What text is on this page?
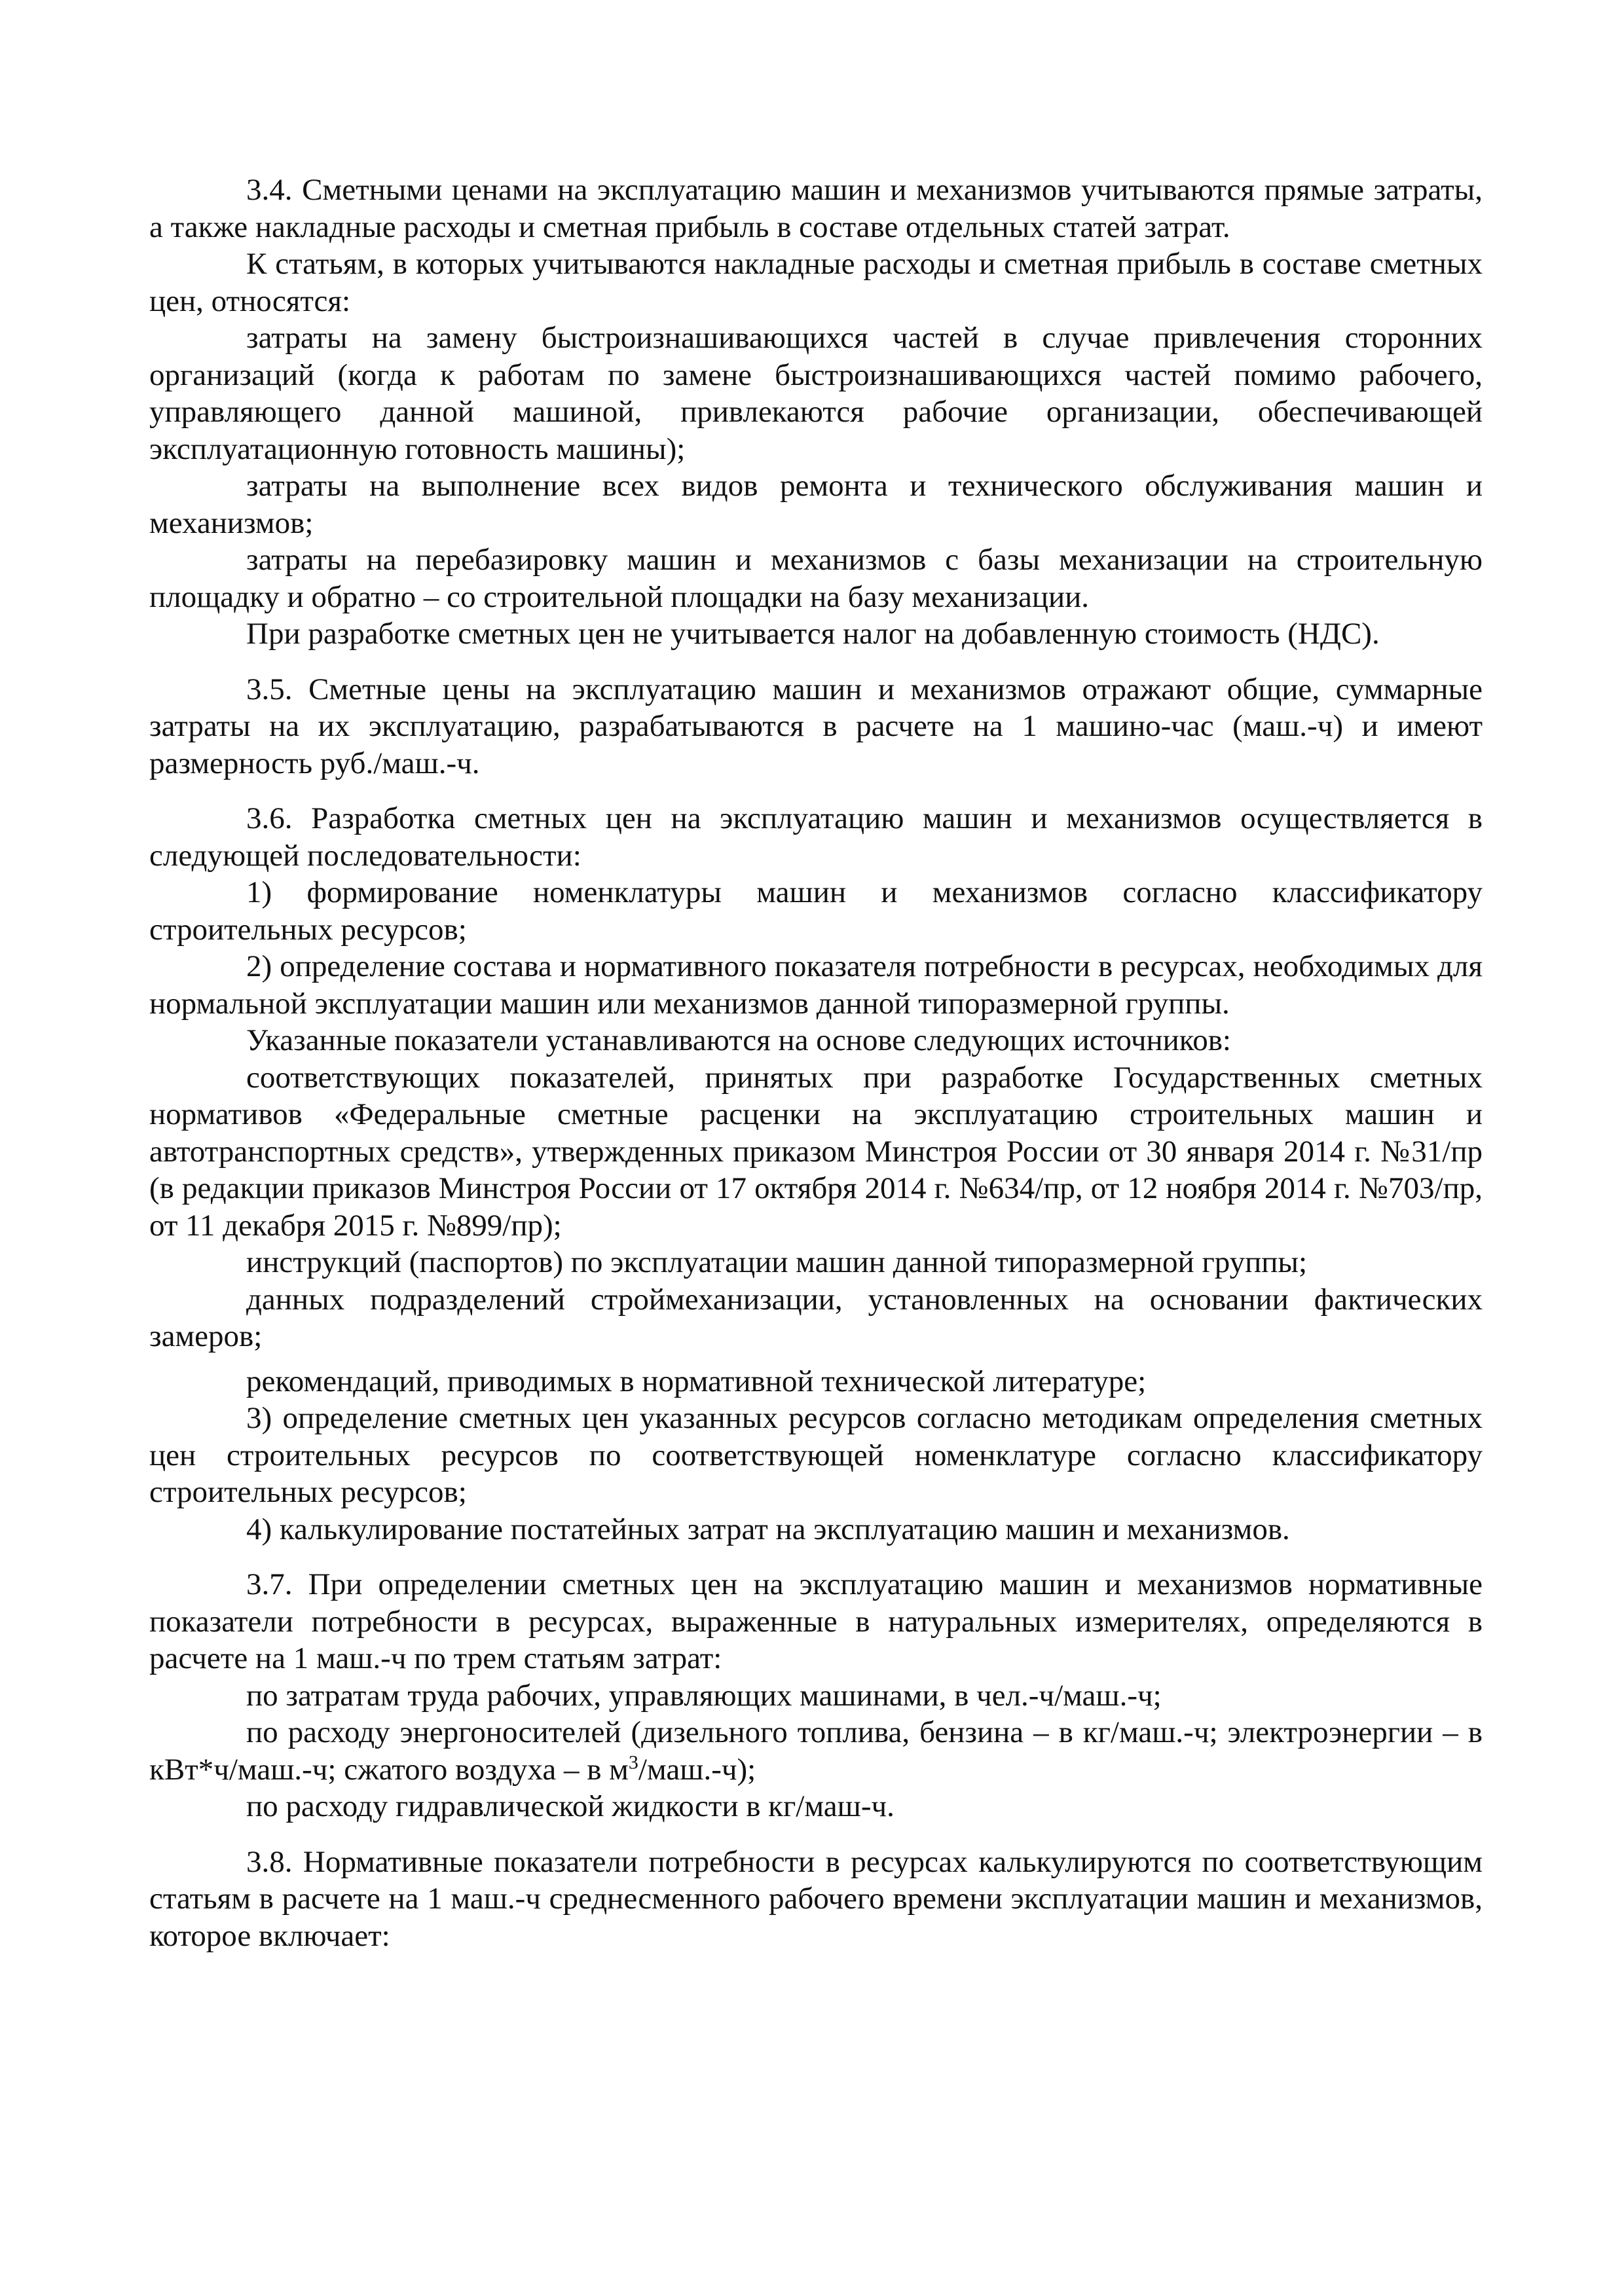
3.4. Сметными ценами на эксплуатацию машин и механизмов учитываются прямые затраты, а также накладные расходы и сметная прибыль в составе отдельных статей затрат.

К статьям, в которых учитываются накладные расходы и сметная прибыль в составе сметных цен, относятся:

затраты на замену быстроизнашивающихся частей в случае привлечения сторонних организаций (когда к работам по замене быстроизнашивающихся частей помимо рабочего, управляющего данной машиной, привлекаются рабочие организации, обеспечивающей эксплуатационную готовность машины);

затраты на выполнение всех видов ремонта и технического обслуживания машин и механизмов;

затраты на перебазировку машин и механизмов с базы механизации на строительную площадку и обратно – со строительной площадки на базу механизации.

При разработке сметных цен не учитывается налог на добавленную стоимость (НДС).

3.5. Сметные цены на эксплуатацию машин и механизмов отражают общие, суммарные затраты на их эксплуатацию, разрабатываются в расчете на 1 машино-час (маш.-ч) и имеют размерность руб./маш.-ч.

3.6. Разработка сметных цен на эксплуатацию машин и механизмов осуществляется в следующей последовательности:

1) формирование номенклатуры машин и механизмов согласно классификатору строительных ресурсов;

2) определение состава и нормативного показателя потребности в ресурсах, необходимых для нормальной эксплуатации машин или механизмов данной типоразмерной группы.

Указанные показатели устанавливаются на основе следующих источников:

соответствующих показателей, принятых при разработке Государственных сметных нормативов «Федеральные сметные расценки на эксплуатацию строительных машин и автотранспортных средств», утвержденных приказом Минстроя России от 30 января 2014 г. №31/пр (в редакции приказов Минстроя России от 17 октября 2014 г. №634/пр, от 12 ноября 2014 г. №703/пр, от 11 декабря 2015 г. №899/пр);

инструкций (паспортов) по эксплуатации машин данной типоразмерной группы;

данных подразделений строймеханизации, установленных на основании фактических замеров;

рекомендаций, приводимых в нормативной технической литературе;

3) определение сметных цен указанных ресурсов согласно методикам определения сметных цен строительных ресурсов по соответствующей номенклатуре согласно классификатору строительных ресурсов;

4) калькулирование постатейных затрат на эксплуатацию машин и механизмов.

3.7. При определении сметных цен на эксплуатацию машин и механизмов нормативные показатели потребности в ресурсах, выраженные в натуральных измерителях, определяются в расчете на 1 маш.-ч по трем статьям затрат:

по затратам труда рабочих, управляющих машинами, в чел.-ч/маш.-ч;

по расходу энергоносителей (дизельного топлива, бензина – в кг/маш.-ч; электроэнергии – в кВт*ч/маш.-ч; сжатого воздуха – в $м^3/маш.-ч$);

по расходу гидравлической жидкости в кг/маш-ч.

3.8. Нормативные показатели потребности в ресурсах калькулируются по соответствующим статьям в расчете на 1 маш.-ч среднесменного рабочего времени эксплуатации машин и механизмов, которое включает:
